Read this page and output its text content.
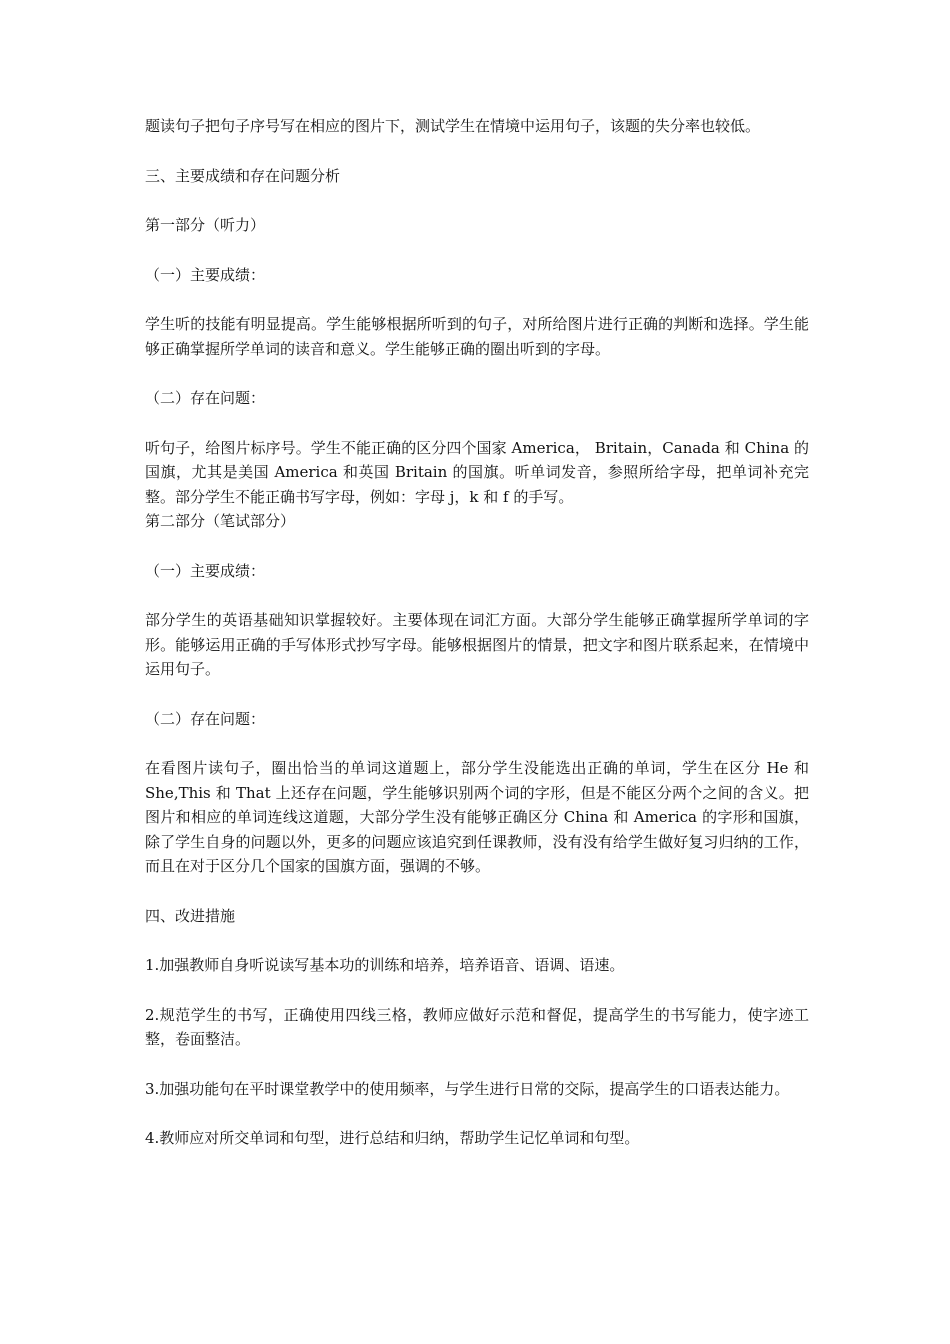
题读句子把句子序号写在相应的图片下，测试学生在情境中运用句子，该题的失分率也较低。

三、主要成绩和存在问题分析

第一部分（听力）

（一）主要成绩：

学生听的技能有明显提高。学生能够根据所听到的句子，对所给图片进行正确的判断和选择。学生能够正确掌握所学单词的读音和意义。学生能够正确的圈出听到的字母。

（二）存在问题：

听句子，给图片标序号。学生不能正确的区分四个国家 America， Britain，Canada 和 China 的国旗，尤其是美国 America 和英国 Britain 的国旗。听单词发音，参照所给字母，把单词补充完整。部分学生不能正确书写字母，例如：字母 j，k 和 f 的手写。

第二部分（笔试部分）

（一）主要成绩：

部分学生的英语基础知识掌握较好。主要体现在词汇方面。大部分学生能够正确掌握所学单词的字形。能够运用正确的手写体形式抄写字母。能够根据图片的情景，把文字和图片联系起来，在情境中运用句子。

（二）存在问题：

在看图片读句子，圈出恰当的单词这道题上，部分学生没能选出正确的单词，学生在区分 He 和 She,This 和 That 上还存在问题，学生能够识别两个词的字形，但是不能区分两个之间的含义。把图片和相应的单词连线这道题，大部分学生没有能够正确区分 China 和 America 的字形和国旗，除了学生自身的问题以外，更多的问题应该追究到任课教师，没有没有给学生做好复习归纳的工作，而且在对于区分几个国家的国旗方面，强调的不够。

四、改进措施

1.加强教师自身听说读写基本功的训练和培养，培养语音、语调、语速。

2.规范学生的书写，正确使用四线三格，教师应做好示范和督促，提高学生的书写能力，使字迹工整，卷面整洁。

3.加强功能句在平时课堂教学中的使用频率，与学生进行日常的交际，提高学生的口语表达能力。

4.教师应对所交单词和句型，进行总结和归纳，帮助学生记忆单词和句型。
